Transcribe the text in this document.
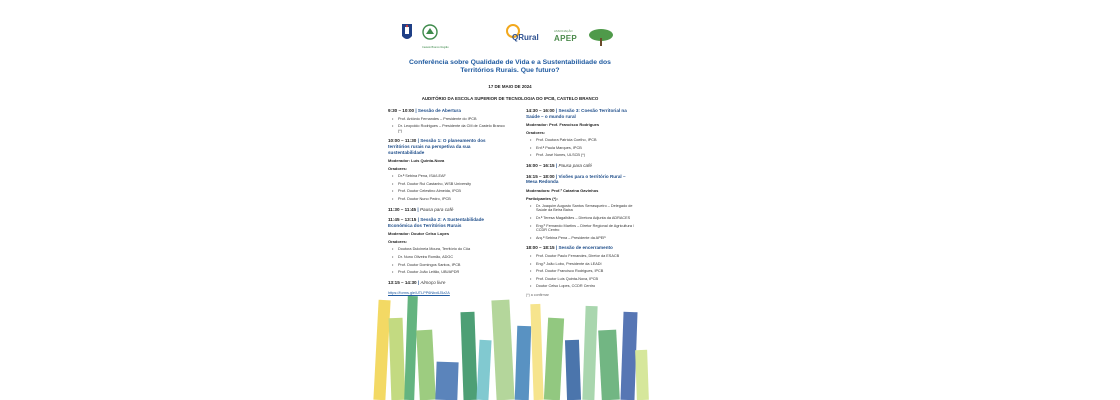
Castelo Branco Região
QRural
ASSOCIAÇÃO
APEP
Conferência sobre Qualidade de Vida e a Sustentabilidade dos Territórios Rurais. Que futuro?
17 DE MAIO DE 2024
AUDITÓRIO DA ESCOLA SUPERIOR DE TECNOLOGIA DO IPCB, CASTELO BRANCO
9:30 – 10:00 | Sessão de Abertura
• Prof. António Fernandes – Presidente do IPCB
• Dr. Leopoldo Rodrigues – Presidente da CM de Castelo Branco (*)
10:00 – 11:30 | Sessão 1: O planeamento dos territórios rurais na perspetiva da sua sustentabilidade
Moderador: Luís Quinta-Nova
Oradores:
• Dr.ª Sebina Pena, ISA/LEAF
• Prof. Doutor Rui Castanho, WSB University
• Prof. Doutor Celestino Almeida, IPCB
• Prof. Doutor Nuno Pedro, IPCB
11:30 – 11:45 | Pausa para café
11:45 – 13:15 | Sessão 2: A Sustentabilidade Económica dos Territórios Rurais
Moderador: Doutor Celso Lopes
Oradores:
• Doutora Dulcineia Moura, Território do Côa
• Dr. Nuno Oliveira Romão, ADGC
• Prof. Doutor Domingos Santos, IPCB
• Prof. Doutor João Leitão, UBI/APDR
13:15 – 14:30 | Almoço livre
https://forms.gle/UTLPP6Nbx6J5z2A
14:30 – 16:00 | Sessão 3: Coesão Territorial na Saúde – o mundo rural
Moderador: Prof. Francisco Rodrigues
Oradores:
• Prof. Doutora Patrícia Coelho, IPCB
• Enf.ª Paula Marques, IPCB
• Prof. José Nunes, ULSCB (*)
16:00 – 16:15 | Pausa para café
16:15 – 18:00 | Visões para o território Rural – Mesa Redonda
Moderadora: Prof.ª Catarina Gavinhos
Participantes (*):
• Dr. Joaquim Augusto Santos Serrasqueiro – Delegado de Saúde da Beira Baixa
• Dr.ª Teresa Magalhães – Diretora Adjunta da ADRACES
• Eng.º Fernando Martins – Diretor Regional de Agricultura / CCDR Centro
• Arq.ª Sebina Pena – Presidente da APEP
18:00 – 18:15 | Sessão de encerramento
• Prof. Doutor Paulo Fernandes, Diretor da ESACB
• Eng.º João Lobo, Presidente da LEADI
• Prof. Doutor Francisco Rodrigues, IPCB
• Prof. Doutor Luís Quinta-Nova, IPCB
• Doutor Celso Lopes, CCDR Centro
(*) a confirmar
